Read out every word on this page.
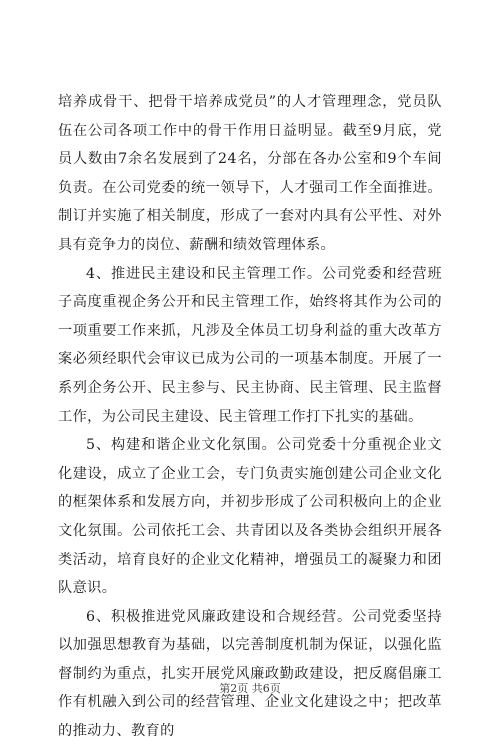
培养成骨干、把骨干培养成党员”的人才管理理念，党员队伍在公司各项工作中的骨干作用日益明显。截至9月底，党员人数由7余名发展到了24名，分部在各办公室和9个车间负责。在公司党委的统一领导下，人才强司工作全面推进。制订并实施了相关制度，形成了一套对内具有公平性、对外具有竞争力的岗位、薪酬和绩效管理体系。

4、推进民主建设和民主管理工作。公司党委和经营班子高度重视企务公开和民主管理工作，始终将其作为公司的一项重要工作来抓，凡涉及全体员工切身利益的重大改革方案必须经职代会审议已成为公司的一项基本制度。开展了一系列企务公开、民主参与、民主协商、民主管理、民主监督工作，为公司民主建设、民主管理工作打下扎实的基础。

5、构建和谐企业文化氛围。公司党委十分重视企业文化建设，成立了企业工会，专门负责实施创建公司企业文化的框架体系和发展方向，并初步形成了公司积极向上的企业文化氛围。公司依托工会、共青团以及各类协会组织开展各类活动，培育良好的企业文化精神，增强员工的凝聚力和团队意识。

6、积极推进党风廉政建设和合规经营。公司党委坚持以加强思想教育为基础，以完善制度机制为保证，以强化监督制约为重点，扎实开展党风廉政勤政建设，把反腐倡廉工作有机融入到公司的经营管理、企业文化建设之中；把改革的推动力、教育的

第2页 共6页
